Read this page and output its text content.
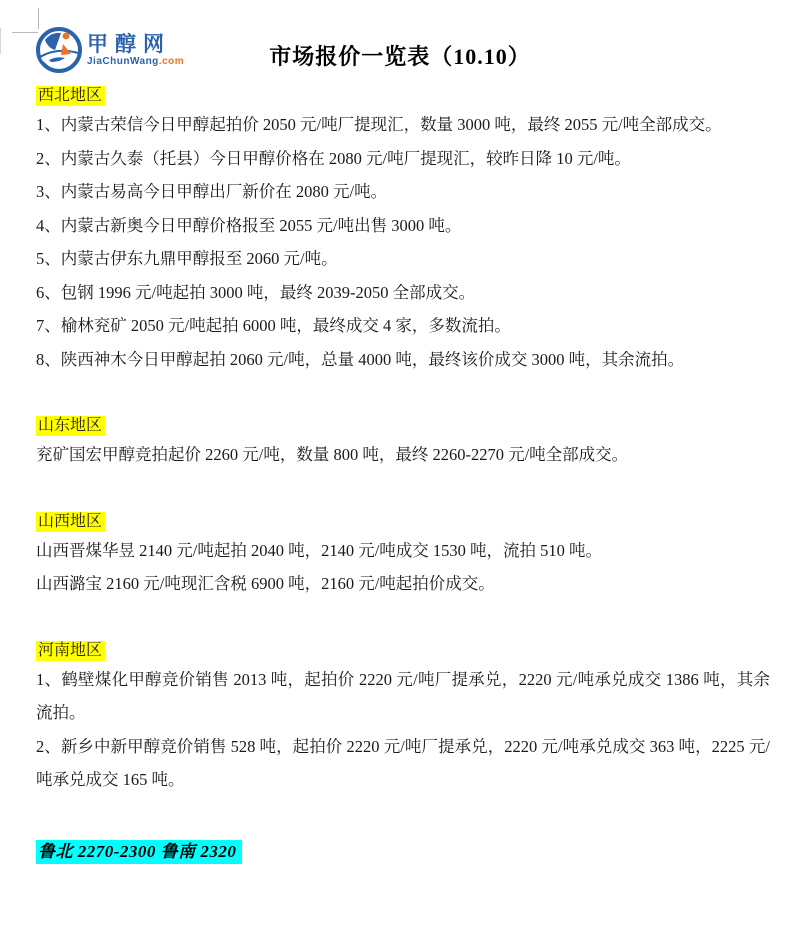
甲醇网
JiaChunWang.com	市场报价一览表（10.10）
西北地区

1、内蒙古荣信今日甲醇起拍价 2050 元/吨厂提现汇，数量 3000 吨，最终 2055 元/吨全部成交。

2、内蒙古久泰（托县）今日甲醇价格在 2080 元/吨厂提现汇，较昨日降 10 元/吨。

3、内蒙古易高今日甲醇出厂新价在 2080 元/吨。

4、内蒙古新奥今日甲醇价格报至 2055 元/吨出售 3000 吨。

5、内蒙古伊东九鼎甲醇报至 2060 元/吨。

6、包钢 1996 元/吨起拍 3000 吨，最终 2039-2050 全部成交。

7、榆林兖矿 2050 元/吨起拍 6000 吨，最终成交 4 家，多数流拍。

8、陕西神木今日甲醇起拍 2060 元/吨，总量 4000 吨，最终该价成交 3000 吨，其余流拍。

山东地区

兖矿国宏甲醇竞拍起价 2260 元/吨，数量 800 吨，最终 2260-2270 元/吨全部成交。

山西地区

山西晋煤华昱 2140 元/吨起拍 2040 吨，2140 元/吨成交 1530 吨，流拍 510 吨。

山西潞宝 2160 元/吨现汇含税 6900 吨，2160 元/吨起拍价成交。

河南地区

1、鹤壁煤化甲醇竞价销售 2013 吨，起拍价 2220 元/吨厂提承兑，2220 元/吨承兑成交 1386 吨，其余流拍。

2、新乡中新甲醇竞价销售 528 吨，起拍价 2220 元/吨厂提承兑，2220 元/吨承兑成交 363 吨，2225 元/吨承兑成交 165 吨。

鲁北 2270-2300 鲁南 2320
